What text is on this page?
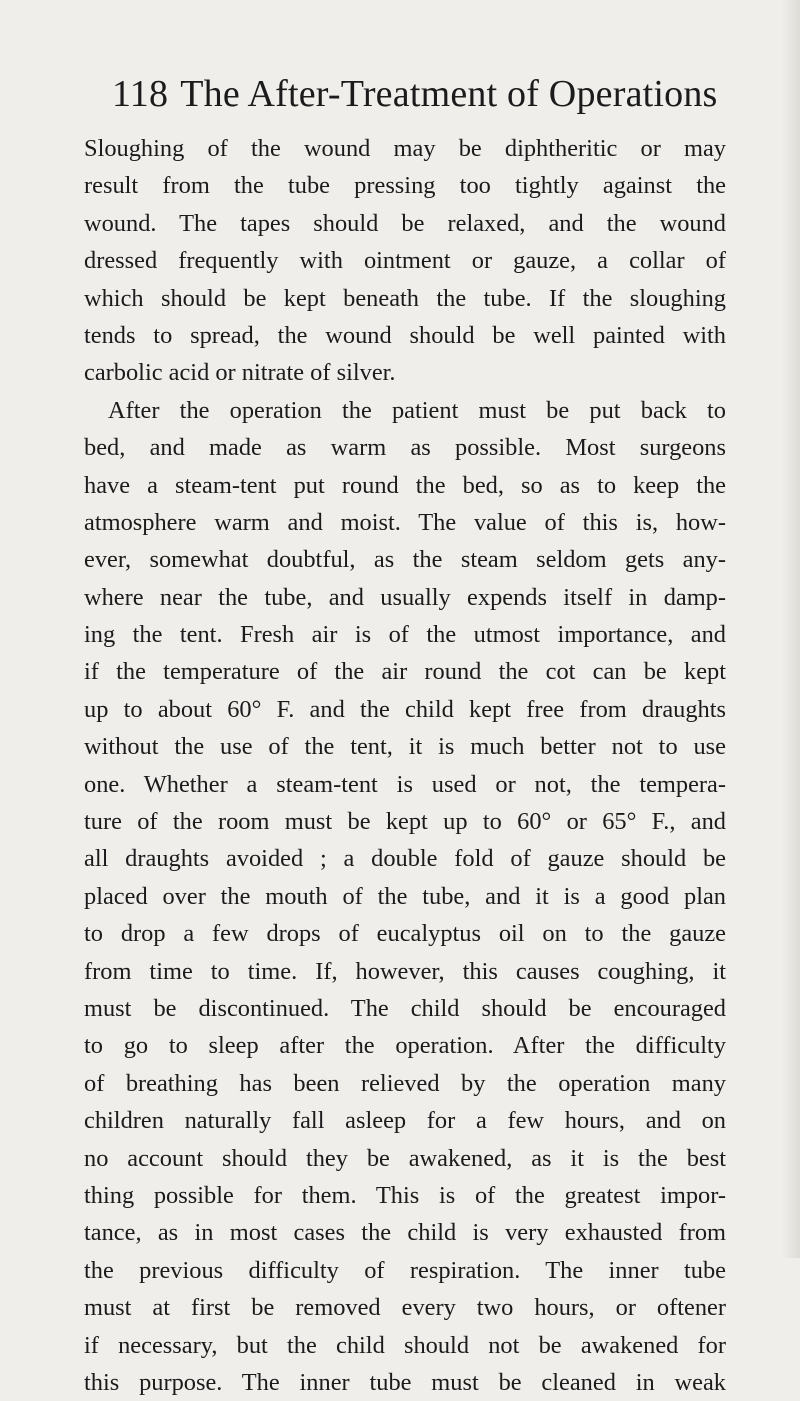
118 The After-Treatment of Operations
Sloughing of the wound may be diphtheritic or may
result from the tube pressing too tightly against the
wound. The tapes should be relaxed, and the wound
dressed frequently with ointment or gauze, a collar of
which should be kept beneath the tube. If the sloughing
tends to spread, the wound should be well painted with
carbolic acid or nitrate of silver.
After the operation the patient must be put back to
bed, and made as warm as possible. Most surgeons
have a steam-tent put round the bed, so as to keep the
atmosphere warm and moist. The value of this is, how-
ever, somewhat doubtful, as the steam seldom gets any-
where near the tube, and usually expends itself in damp-
ing the tent. Fresh air is of the utmost importance, and
if the temperature of the air round the cot can be kept
up to about 60° F. and the child kept free from draughts
without the use of the tent, it is much better not to use
one. Whether a steam-tent is used or not, the tempera-
ture of the room must be kept up to 60° or 65° F., and
all draughts avoided ; a double fold of gauze should be
placed over the mouth of the tube, and it is a good plan
to drop a few drops of eucalyptus oil on to the gauze
from time to time. If, however, this causes coughing, it
must be discontinued. The child should be encouraged
to go to sleep after the operation. After the difficulty
of breathing has been relieved by the operation many
children naturally fall asleep for a few hours, and on
no account should they be awakened, as it is the best
thing possible for them. This is of the greatest impor-
tance, as in most cases the child is very exhausted from
the previous difficulty of respiration. The inner tube
must at first be removed every two hours, or oftener
if necessary, but the child should not be awakened for
this purpose. The inner tube must be cleaned in weak
